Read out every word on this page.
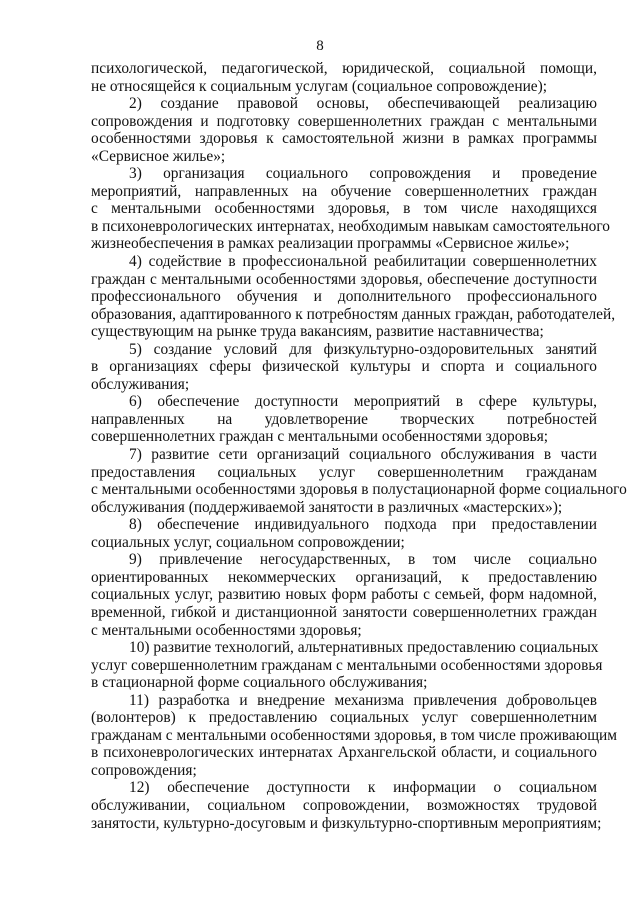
8
психологической, педагогической, юридической, социальной помощи,
не относящейся к социальным услугам (социальное сопровождение);
2) создание правовой основы, обеспечивающей реализацию
сопровождения и подготовку совершеннолетних граждан с ментальными
особенностями здоровья к самостоятельной жизни в рамках программы
«Сервисное жилье»;
3) организация социального сопровождения и проведение
мероприятий, направленных на обучение совершеннолетних граждан
с ментальными особенностями здоровья, в том числе находящихся
в психоневрологических интернатах, необходимым навыкам самостоятельного
жизнеобеспечения в рамках реализации программы «Сервисное жилье»;
4) содействие в профессиональной реабилитации совершеннолетних
граждан с ментальными особенностями здоровья, обеспечение доступности
профессионального обучения и дополнительного профессионального
образования, адаптированного к потребностям данных граждан, работодателей,
существующим на рынке труда вакансиям, развитие наставничества;
5) создание условий для физкультурно-оздоровительных занятий
в организациях сферы физической культуры и спорта и социального
обслуживания;
6) обеспечение доступности мероприятий в сфере культуры,
направленных на удовлетворение творческих потребностей
совершеннолетних граждан с ментальными особенностями здоровья;
7) развитие сети организаций социального обслуживания в части
предоставления социальных услуг совершеннолетним гражданам
с ментальными особенностями здоровья в полустационарной форме социального
обслуживания (поддерживаемой занятости в различных «мастерских»);
8) обеспечение индивидуального подхода при предоставлении
социальных услуг, социальном сопровождении;
9) привлечение негосударственных, в том числе социально
ориентированных некоммерческих организаций, к предоставлению
социальных услуг, развитию новых форм работы с семьей, форм надомной,
временной, гибкой и дистанционной занятости совершеннолетних граждан
с ментальными особенностями здоровья;
10) развитие технологий, альтернативных предоставлению социальных
услуг совершеннолетним гражданам с ментальными особенностями здоровья
в стационарной форме социального обслуживания;
11) разработка и внедрение механизма привлечения добровольцев
(волонтеров) к предоставлению социальных услуг совершеннолетним
гражданам с ментальными особенностями здоровья, в том числе проживающим
в психоневрологических интернатах Архангельской области, и социального
сопровождения;
12) обеспечение доступности к информации о социальном
обслуживании, социальном сопровождении, возможностях трудовой
занятости, культурно-досуговым и физкультурно-спортивным мероприятиям;
